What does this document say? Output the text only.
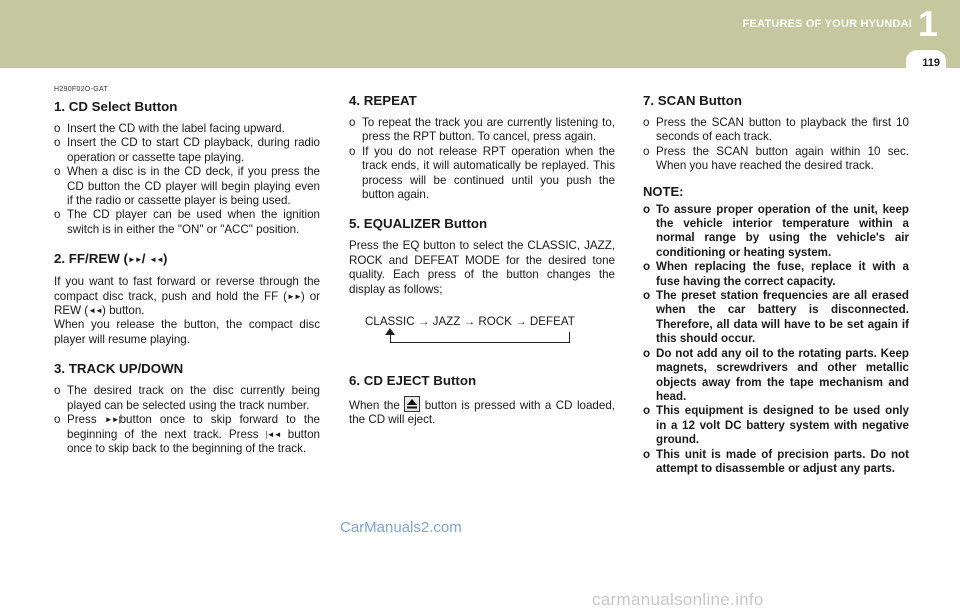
FEATURES OF YOUR HYUNDAI 1
119
H290F02O-GAT
1. CD Select Button
o Insert the CD with the label facing upward.
o Insert the CD to start CD playback, during radio operation or cassette tape playing.
o When a disc is in the CD deck, if you press the CD button the CD player will begin playing even if the radio or cassette player is being used.
o The CD player can be used when the ignition switch is in either the "ON" or "ACC" position.
2. FF/REW (►►/ ◄◄)

If you want to fast forward or reverse through the compact disc track, push and hold the FF (►►) or REW (◄◄) button.

When you release the button, the compact disc player will resume playing.

3. TRACK UP/DOWN
o The desired track on the disc currently being played can be selected using the track number.
o Press ►►|button once to skip forward to the beginning of the next track. Press |◄◄ button once to skip back to the beginning of the track.
4. REPEAT
o To repeat the track you are currently listening to, press the RPT button. To cancel, press again.
o If you do not release RPT operation when the track ends, it will automatically be replayed. This process will be continued until you push the button again.
5. EQUALIZER Button

Press the EQ button to select the CLASSIC, JAZZ, ROCK and DEFEAT MODE for the desired tone quality. Each press of the button changes the display as follows;

CLASSIC → JAZZ → ROCK → DEFEAT
6. CD EJECT Button

When the button is pressed with a CD loaded, the CD will eject.

7. SCAN Button
o Press the SCAN button to playback the first 10 seconds of each track.
o Press the SCAN button again within 10 sec. When you have reached the desired track.
NOTE:
o To assure proper operation of the unit, keep the vehicle interior temperature within a normal range by using the vehicle's air conditioning or heating system.
o When replacing the fuse, replace it with a fuse having the correct capacity.
o The preset station frequencies are all erased when the car battery is disconnected. Therefore, all data will have to be set again if this should occur.
o Do not add any oil to the rotating parts. Keep magnets, screwdrivers and other metallic objects away from the tape mechanism and head.
o This equipment is designed to be used only in a 12 volt DC battery system with negative ground.
o This unit is made of precision parts. Do not attempt to disassemble or adjust any parts.
CarManuals2.com
carmanualsonline.info
